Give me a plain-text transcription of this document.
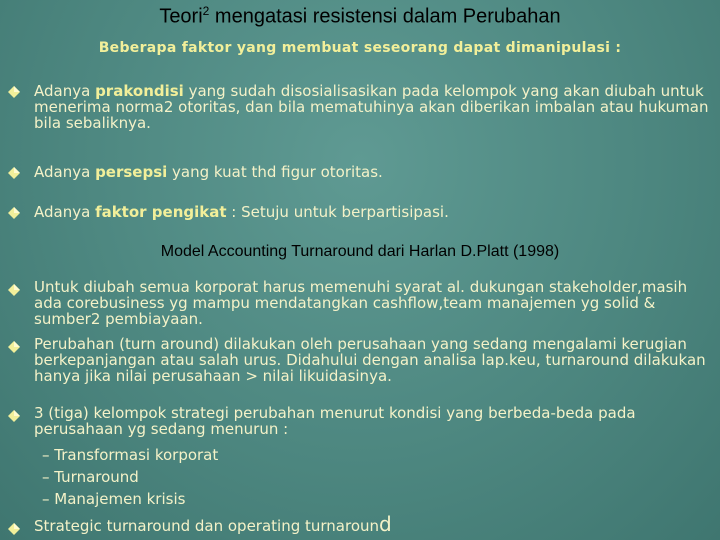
Teori$^2$ mengatasi resistensi dalam Perubahan
Beberapa faktor yang membuat seseorang dapat dimanipulasi :
Adanya prakondisi yang sudah disosialisasikan pada kelompok yang akan diubah untuk menerima norma2 otoritas, dan bila mematuhinya akan diberikan imbalan atau hukuman bila sebaliknya.
Adanya persepsi yang kuat thd figur otoritas.
Adanya faktor pengikat : Setuju untuk berpartisipasi.
Model Accounting Turnaround dari Harlan D.Platt (1998)
Untuk diubah semua korporat harus memenuhi syarat al. dukungan stakeholder,masih ada corebusiness yg mampu mendatangkan cashflow,team manajemen yg solid & sumber2 pembiayaan.
Perubahan (turn around) dilakukan oleh perusahaan yang sedang mengalami kerugian berkepanjangan atau salah urus. Didahului dengan analisa lap.keu, turnaround dilakukan hanya jika nilai perusahaan > nilai likuidasinya.
3 (tiga) kelompok strategi perubahan menurut kondisi yang berbeda-beda pada perusahaan yg sedang menurun :
– Transformasi korporat
– Turnaround
– Manajemen krisis
Strategic turnaround dan operating turnaround
